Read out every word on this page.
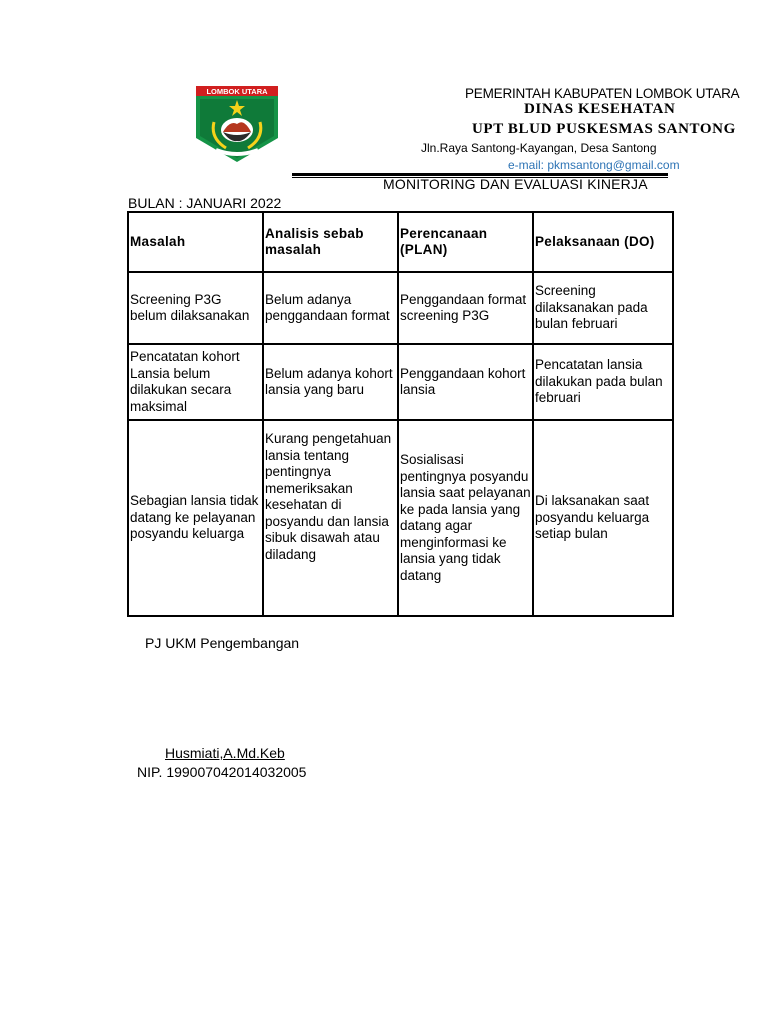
LOMBOK UTARA	PEMERINTAH KABUPATEN LOMBOK UTARA
DINAS KESEHATAN
UPT BLUD PUSKESMAS SANTONG
Jln.Raya Santong-Kayangan, Desa Santong
e-mail: pkmsantong@gmail.com
MONITORING DAN EVALUASI KINERJA
BULAN : JANUARI 2022
Masalah	Analisis sebab masalah	Perencanaan (PLAN)	Pelaksanaan (DO)
Screening P3G belum dilaksanakan	Belum adanya penggandaan format	Penggandaan format screening P3G	Screening dilaksanakan pada bulan februari
Pencatatan kohort Lansia belum dilakukan secara maksimal	Belum adanya kohort lansia yang baru	Penggandaan kohort lansia	Pencatatan lansia dilakukan pada bulan februari
Sebagian lansia tidak datang ke pelayanan posyandu keluarga	Kurang pengetahuan lansia tentang pentingnya memeriksakan kesehatan di posyandu dan lansia sibuk disawah atau diladang	Sosialisasi pentingnya posyandu lansia saat pelayanan ke pada lansia yang datang agar menginformasi ke lansia yang tidak datang	Di laksanakan saat posyandu keluarga setiap bulan
PJ UKM Pengembangan
Husmiati,A.Md.Keb
NIP. 199007042014032005
